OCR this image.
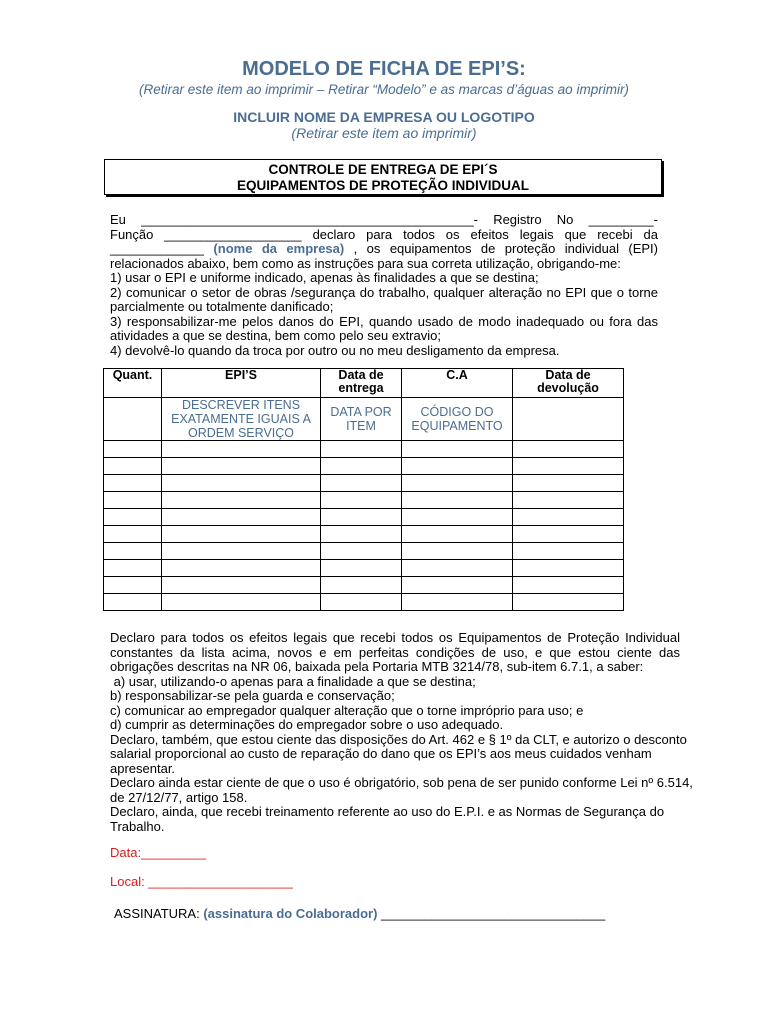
MODELO DE FICHA DE EPI’S:
(Retirar este item ao imprimir – Retirar “Modelo” e as marcas d’águas ao imprimir)
INCLUIR NOME DA EMPRESA OU LOGOTIPO
(Retirar este item ao imprimir)
CONTROLE DE ENTREGA DE EPI´S
EQUIPAMENTOS DE PROTEÇÃO INDIVIDUAL
Eu ______________________________________________- Registro No _________-
Função ___________________ declaro para todos os efeitos legais que recebi da
_____________ (nome da empresa) , os equipamentos de proteção individual (EPI)
relacionados abaixo, bem como as instruções para sua correta utilização, obrigando-me:
1) usar o EPI e uniforme indicado, apenas às finalidades a que se destina;
2) comunicar o setor de obras /segurança do trabalho, qualquer alteração no EPI que o torne
parcialmente ou totalmente danificado;
3) responsabilizar-me pelos danos do EPI, quando usado de modo inadequado ou fora das
atividades a que se destina, bem como pelo seu extravio;
4) devolvê-lo quando da troca por outro ou no meu desligamento da empresa.
Quant.	EPI’S	Data de entrega	C.A	Data de devolução
	DESCREVER ITENS EXATAMENTE IGUAIS A ORDEM SERVIÇO	DATA POR ITEM	CÓDIGO DO EQUIPAMENTO	

Declaro para todos os efeitos legais que recebi todos os Equipamentos de Proteção Individual
constantes da lista acima, novos e em perfeitas condições de uso, e que estou ciente das
obrigações descritas na NR 06, baixada pela Portaria MTB 3214/78, sub-item 6.7.1, a saber:
a) usar, utilizando-o apenas para a finalidade a que se destina;
b) responsabilizar-se pela guarda e conservação;
c) comunicar ao empregador qualquer alteração que o torne impróprio para uso; e
d) cumprir as determinações do empregador sobre o uso adequado.
Declaro, também, que estou ciente das disposições do Art. 462 e § 1º da CLT, e autorizo o desconto
salarial proporcional ao custo de reparação do dano que os EPI’s aos meus cuidados venham
apresentar.
Declaro ainda estar ciente de que o uso é obrigatório, sob pena de ser punido conforme Lei nº 6.514,
de 27/12/77, artigo 158.
Declaro, ainda, que recebi treinamento referente ao uso do E.P.I. e as Normas de Segurança do
Trabalho.
Data:_________
Local: ____________________
ASSINATURA: (assinatura do Colaborador) _______________________________
